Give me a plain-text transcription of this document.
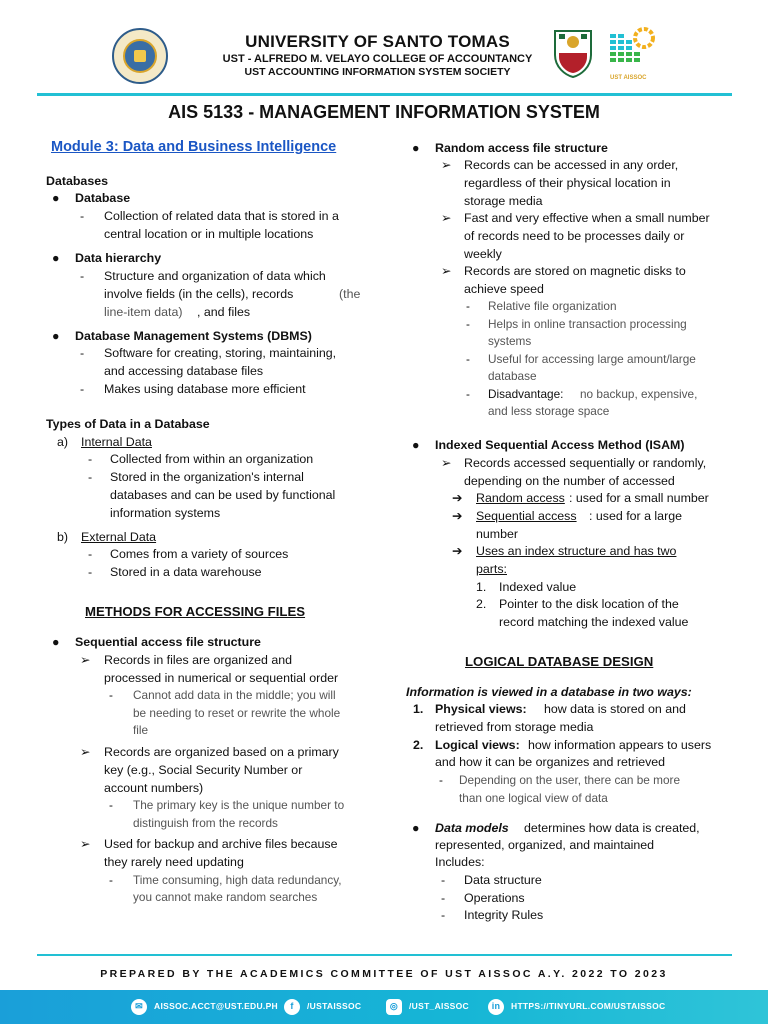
UNIVERSITY OF SANTO TOMAS
UST - ALFREDO M. VELAYO COLLEGE OF ACCOUNTANCY
UST ACCOUNTING INFORMATION SYSTEM SOCIETY	UST AISSOC
AIS 5133 - MANAGEMENT INFORMATION SYSTEM
Module 3: Data and Business Intelligence
Databases
● Database
- Collection of related data that is stored in a
central location or in multiple locations
● Data hierarchy
- Structure and organization of data which
involve fields (in the cells), records	(the
line-item data) , and files
● Database Management Systems (DBMS)
- Software for creating, storing, maintaining,
and accessing database files
- Makes using database more efficient
Types of Data in a Database
a) Internal Data
- Collected from within an organization
- Stored in the organization's internal
databases and can be used by functional
information systems
b) External Data
- Comes from a variety of sources
- Stored in a data warehouse
METHODS FOR ACCESSING FILES
● Sequential access file structure
➢ Records in files are organized and
processed in numerical or sequential order
- Cannot add data in the middle; you will
be needing to reset or rewrite the whole
file
➢ Records are organized based on a primary
key (e.g., Social Security Number or
account numbers)
- The primary key is the unique number to
distinguish from the records
➢ Used for backup and archive files because
they rarely need updating
- Time consuming, high data redundancy,
you cannot make random searches
● Random access file structure
➢ Records can be accessed in any order,
regardless of their physical location in
storage media
➢ Fast and very effective when a small number
of records need to be processes daily or
weekly
➢ Records are stored on magnetic disks to
achieve speed
- Relative file organization
- Helps in online transaction processing
systems
- Useful for accessing large amount/large
database
- Disadvantage: no backup, expensive,
and less storage space
● Indexed Sequential Access Method (ISAM)
➢ Records accessed sequentially or randomly,
depending on the number of accessed
➔ Random access : used for a small number
➔ Sequential access : used for a large
number
➔ Uses an index structure and has two
parts:
1. Indexed value
2. Pointer to the disk location of the
record matching the indexed value
LOGICAL DATABASE DESIGN
Information is viewed in a database in two ways:
1. Physical views: how data is stored on and
retrieved from storage media
2. Logical views: how information appears to users
and how it can be organizes and retrieved
- Depending on the user, there can be more
than one logical view of data
● Data models determines how data is created,
represented, organized, and maintained
Includes:
- Data structure
- Operations
- Integrity Rules
PREPARED BY THE ACADEMICS COMMITTEE OF UST AISSOC A.Y. 2022 TO 2023
✉	AISSOC.ACCT@UST.EDU.PH	f	/USTAISSOC	◎	/UST_AISSOC	in	HTTPS://TINYURL.COM/USTAISSOC
